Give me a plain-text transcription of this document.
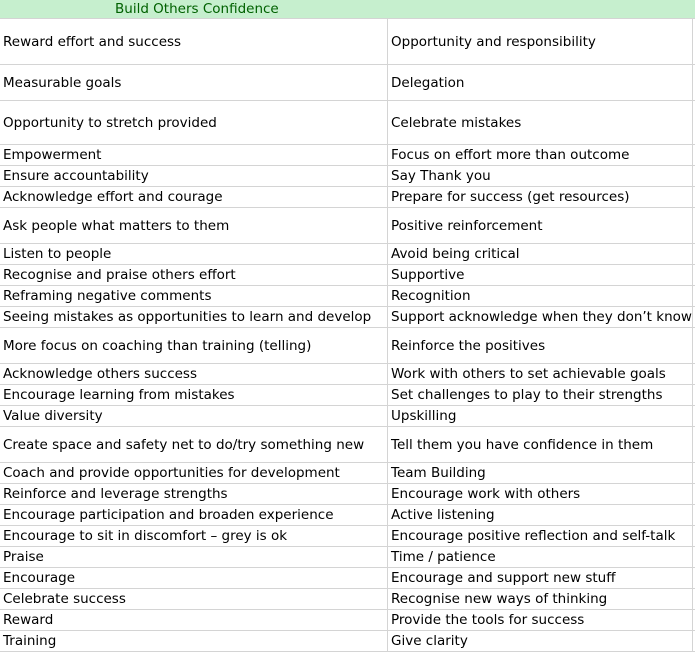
Build Others Confidence
Reward effort and success	Opportunity and responsibility
Measurable goals	Delegation
Opportunity to stretch provided	Celebrate mistakes
Empowerment	Focus on effort more than outcome
Ensure accountability	Say Thank you
Acknowledge effort and courage	Prepare for success (get resources)
Ask people what matters to them	Positive reinforcement
Listen to people	Avoid being critical
Recognise and praise others effort	Supportive
Reframing negative comments	Recognition
Seeing mistakes as opportunities to learn and develop	Support acknowledge when they don’t know
More focus on coaching than training (telling)	Reinforce the positives
Acknowledge others success	Work with others to set achievable goals
Encourage learning from mistakes	Set challenges to play to their strengths
Value diversity	Upskilling
Create space and safety net to do/try something new	Tell them you have confidence in them
Coach and provide opportunities for development	Team Building
Reinforce and leverage strengths	Encourage work with others
Encourage participation and broaden experience	Active listening
Encourage to sit in discomfort – grey is ok	Encourage positive reflection and self-talk
Praise	Time / patience
Encourage	Encourage and support new stuff
Celebrate success	Recognise new ways of thinking
Reward	Provide the tools for success
Training	Give clarity
